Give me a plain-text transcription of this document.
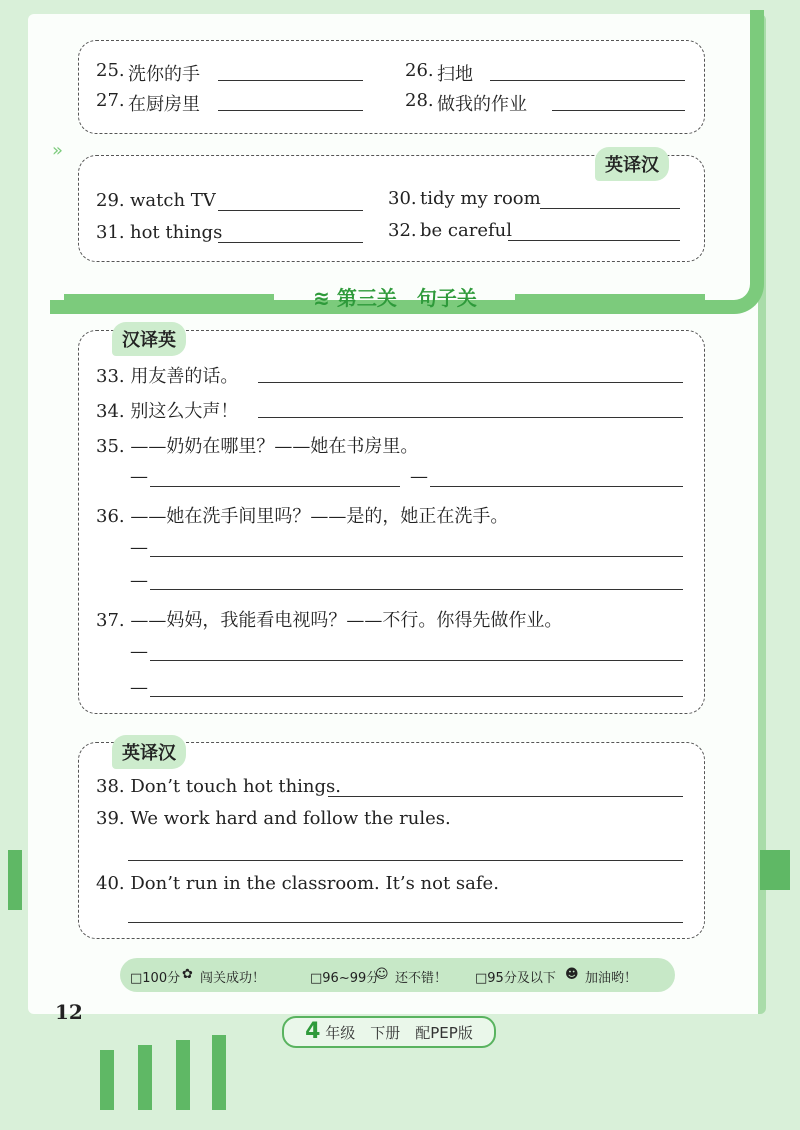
25. 洗你的手	26. 扫地
27. 在厨房里	28. 做我的作业
»
英译汉
29. watch TV	30. tidy my room
31. hot things	32. be careful
≋ 第三关　句子关
汉译英
33. 用友善的话。
34. 别这么大声！
35. ——奶奶在哪里？——她在书房里。
—	—
36. ——她在洗手间里吗？——是的，她正在洗手。
—
—
37. ——妈妈，我能看电视吗？——不行。你得先做作业。
—
—
英译汉
38. Don’t touch hot things.
39. We work hard and follow the rules.
40. Don’t run in the classroom. It’s not safe.
□100分 ✿ 闯关成功！	□96~99分
☺ 还不错！ □95分及以下 ☻ 加油哟！
12
4 年级　下册　配PEP版
